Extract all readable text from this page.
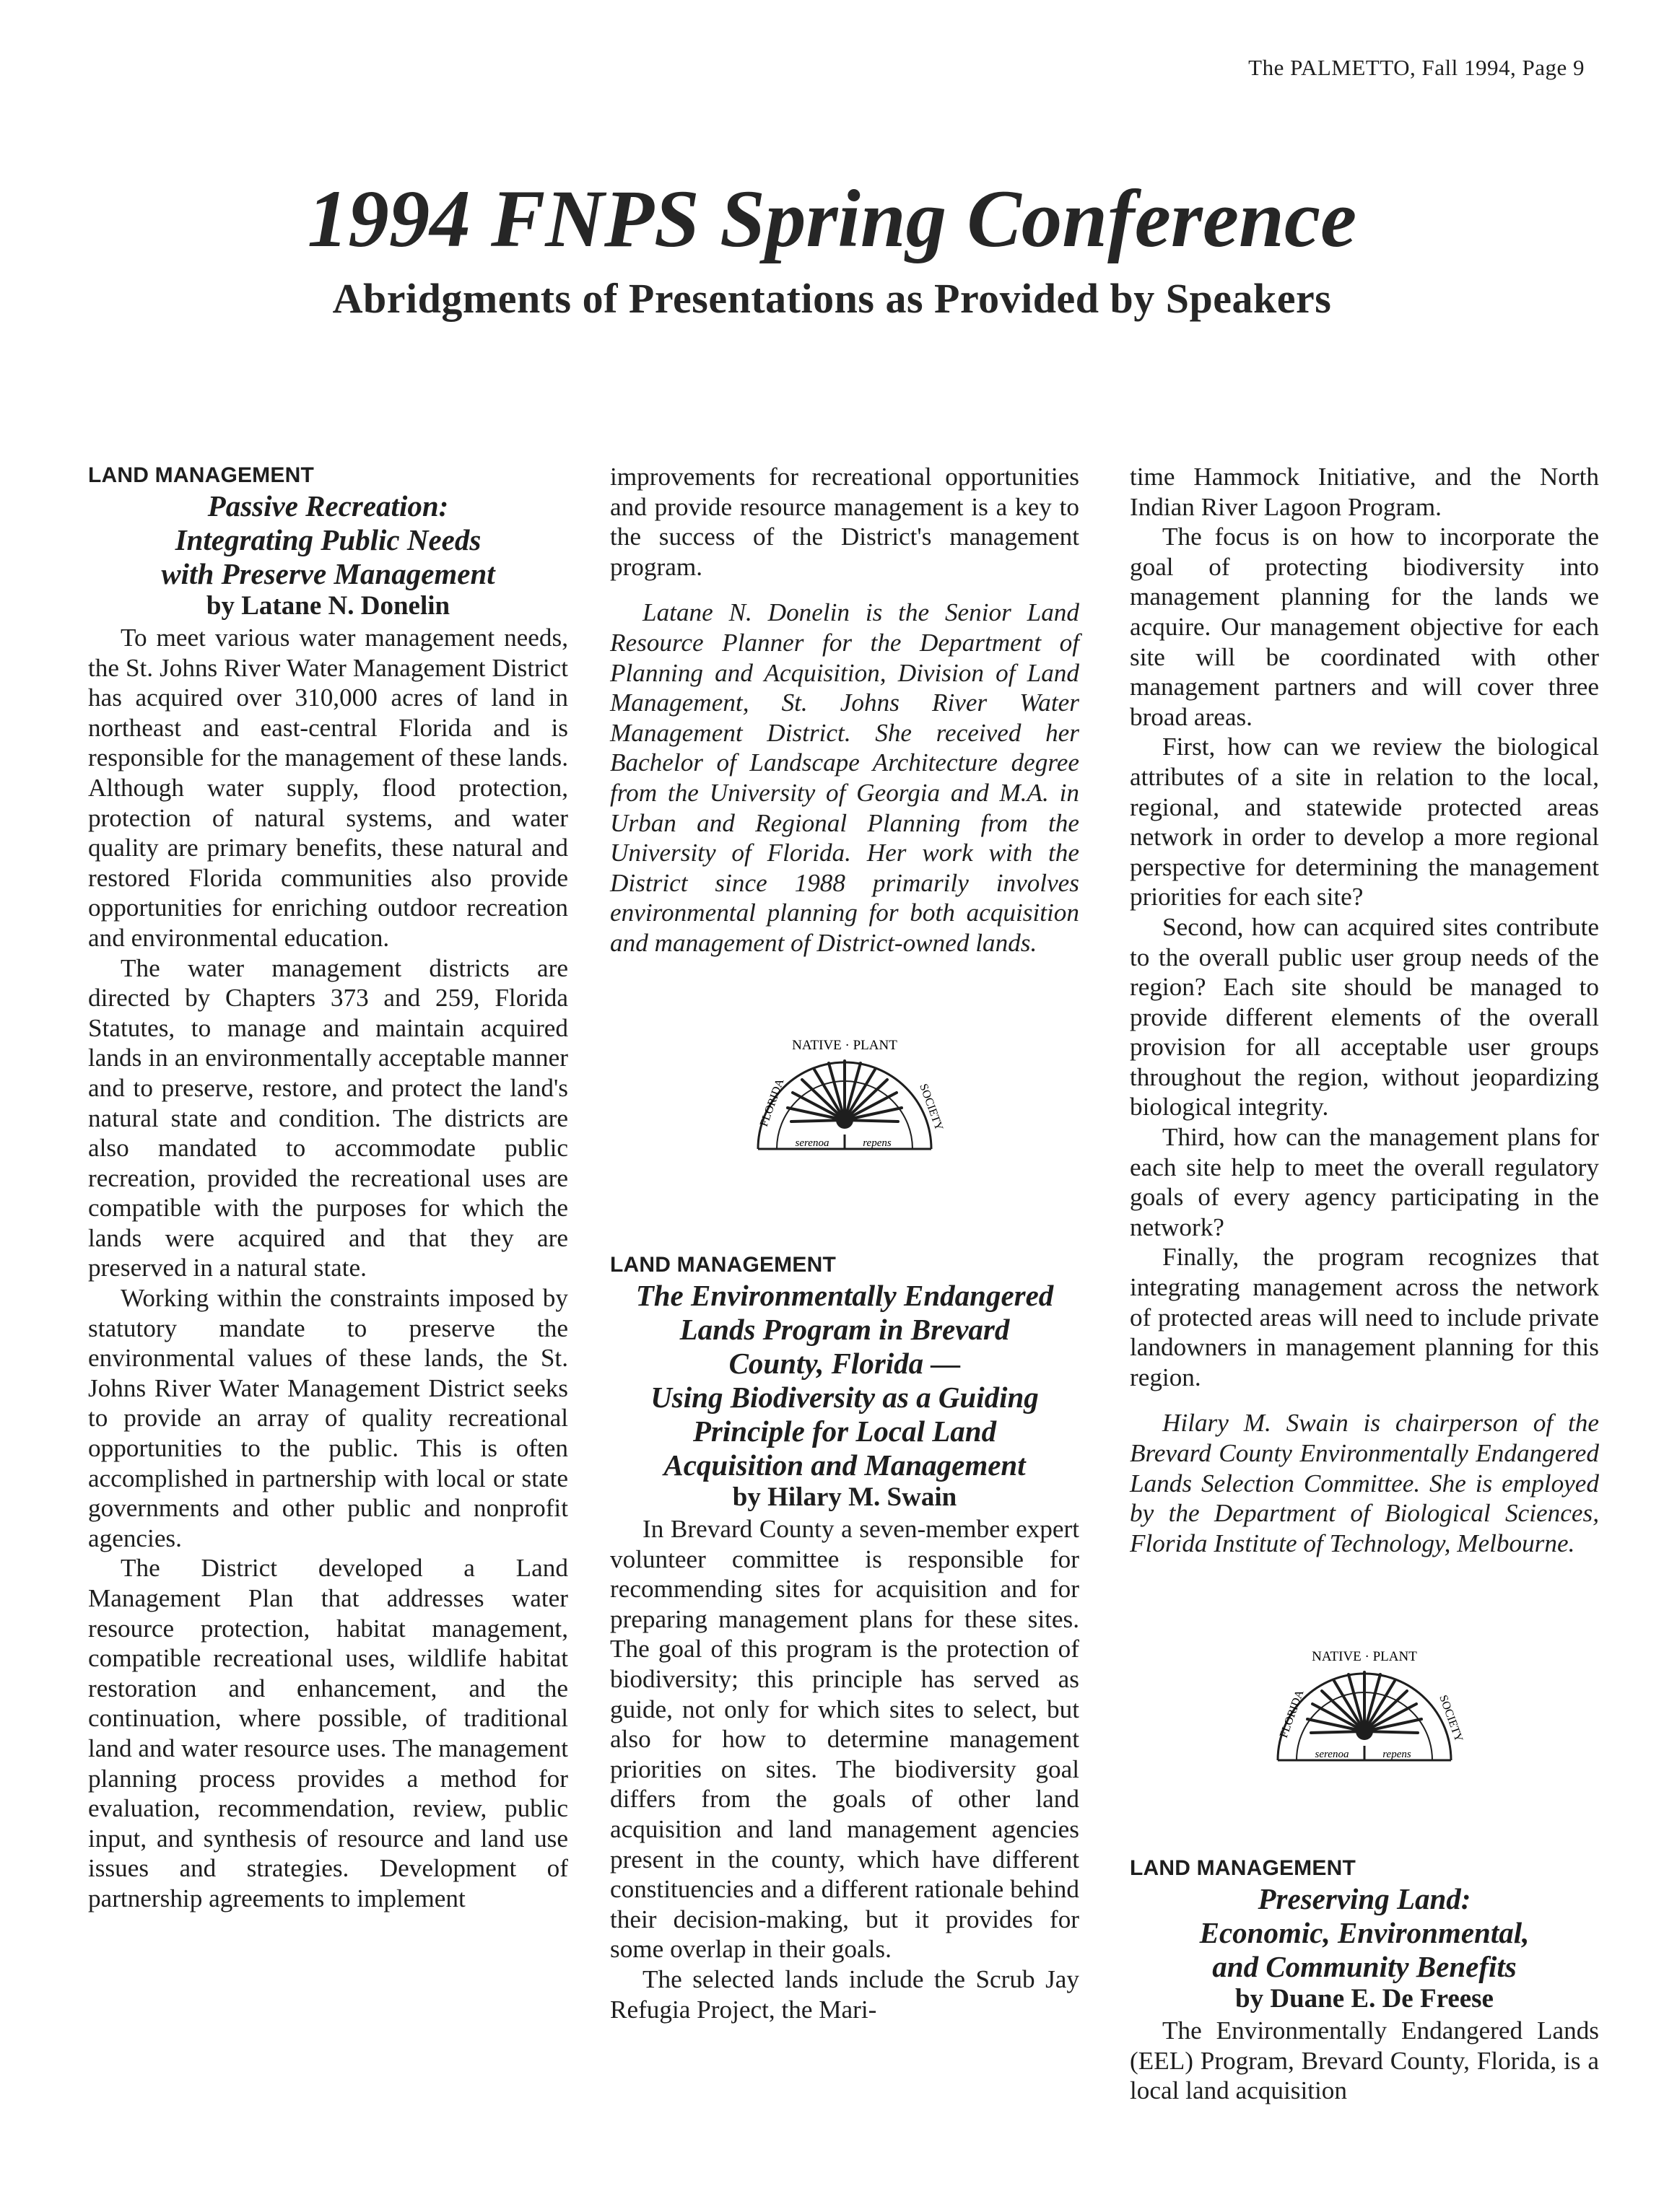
The PALMETTO, Fall 1994, Page 9
1994 FNPS Spring Conference
Abridgments of Presentations as Provided by Speakers
LAND MANAGEMENT
Passive Recreation:
Integrating Public Needs
with Preserve Management
by Latane N. Donelin

To meet various water management needs, the St. Johns River Water Management District has acquired over 310,000 acres of land in northeast and east-central Florida and is responsible for the management of these lands. Although water supply, flood protection, protection of natural systems, and water quality are primary benefits, these natural and restored Florida communities also provide opportunities for enriching outdoor recreation and environmental education.

The water management districts are directed by Chapters 373 and 259, Florida Statutes, to manage and maintain acquired lands in an environmentally acceptable manner and to preserve, restore, and protect the land's natural state and condition. The districts are also mandated to accommodate public recreation, provided the recreational uses are compatible with the purposes for which the lands were acquired and that they are preserved in a natural state.

Working within the constraints imposed by statutory mandate to preserve the environmental values of these lands, the St. Johns River Water Management District seeks to provide an array of quality recreational opportunities to the public. This is often accomplished in partnership with local or state governments and other public and nonprofit agencies.

The District developed a Land Management Plan that addresses water resource protection, habitat management, compatible recreational uses, wildlife habitat restoration and enhancement, and the continuation, where possible, of traditional land and water resource uses. The management planning process provides a method for evaluation, recommendation, review, public input, and synthesis of resource and land use issues and strategies. Development of partnership agreements to implement

improvements for recreational opportunities and provide resource management is a key to the success of the District's management program.

Latane N. Donelin is the Senior Land Resource Planner for the Department of Planning and Acquisition, Division of Land Management, St. Johns River Water Management District. She received her Bachelor of Landscape Architecture degree from the University of Georgia and M.A. in Urban and Regional Planning from the University of Florida. Her work with the District since 1988 primarily involves environmental planning for both acquisition and management of District-owned lands.

NATIVE · PLANT
FLORIDA	SOCIETY
serenoa	repens
LAND MANAGEMENT
The Environmentally Endangered
Lands Program in Brevard
County, Florida —
Using Biodiversity as a Guiding
Principle for Local Land
Acquisition and Management
by Hilary M. Swain

In Brevard County a seven-member expert volunteer committee is responsible for recommending sites for acquisition and for preparing management plans for these sites. The goal of this program is the protection of biodiversity; this principle has served as guide, not only for which sites to select, but also for how to determine management priorities on sites. The biodiversity goal differs from the goals of other land acquisition and land management agencies present in the county, which have different constituencies and a different rationale behind their decision-making, but it provides for some overlap in their goals.

The selected lands include the Scrub Jay Refugia Project, the Mari-

time Hammock Initiative, and the North Indian River Lagoon Program.

The focus is on how to incorporate the goal of protecting biodiversity into management planning for the lands we acquire. Our management objective for each site will be coordinated with other management partners and will cover three broad areas.

First, how can we review the biological attributes of a site in relation to the local, regional, and statewide protected areas network in order to develop a more regional perspective for determining the management priorities for each site?

Second, how can acquired sites contribute to the overall public user group needs of the region? Each site should be managed to provide different elements of the overall provision for all acceptable user groups throughout the region, without jeopardizing biological integrity.

Third, how can the management plans for each site help to meet the overall regulatory goals of every agency participating in the network?

Finally, the program recognizes that integrating management across the network of protected areas will need to include private landowners in management planning for this region.

Hilary M. Swain is chairperson of the Brevard County Environmentally Endangered Lands Selection Committee. She is employed by the Department of Biological Sciences, Florida Institute of Technology, Melbourne.

NATIVE · PLANT
FLORIDA	SOCIETY
serenoa	repens
LAND MANAGEMENT
Preserving Land:
Economic, Environmental,
and Community Benefits
by Duane E. De Freese

The Environmentally Endangered Lands (EEL) Program, Brevard County, Florida, is a local land acquisition
